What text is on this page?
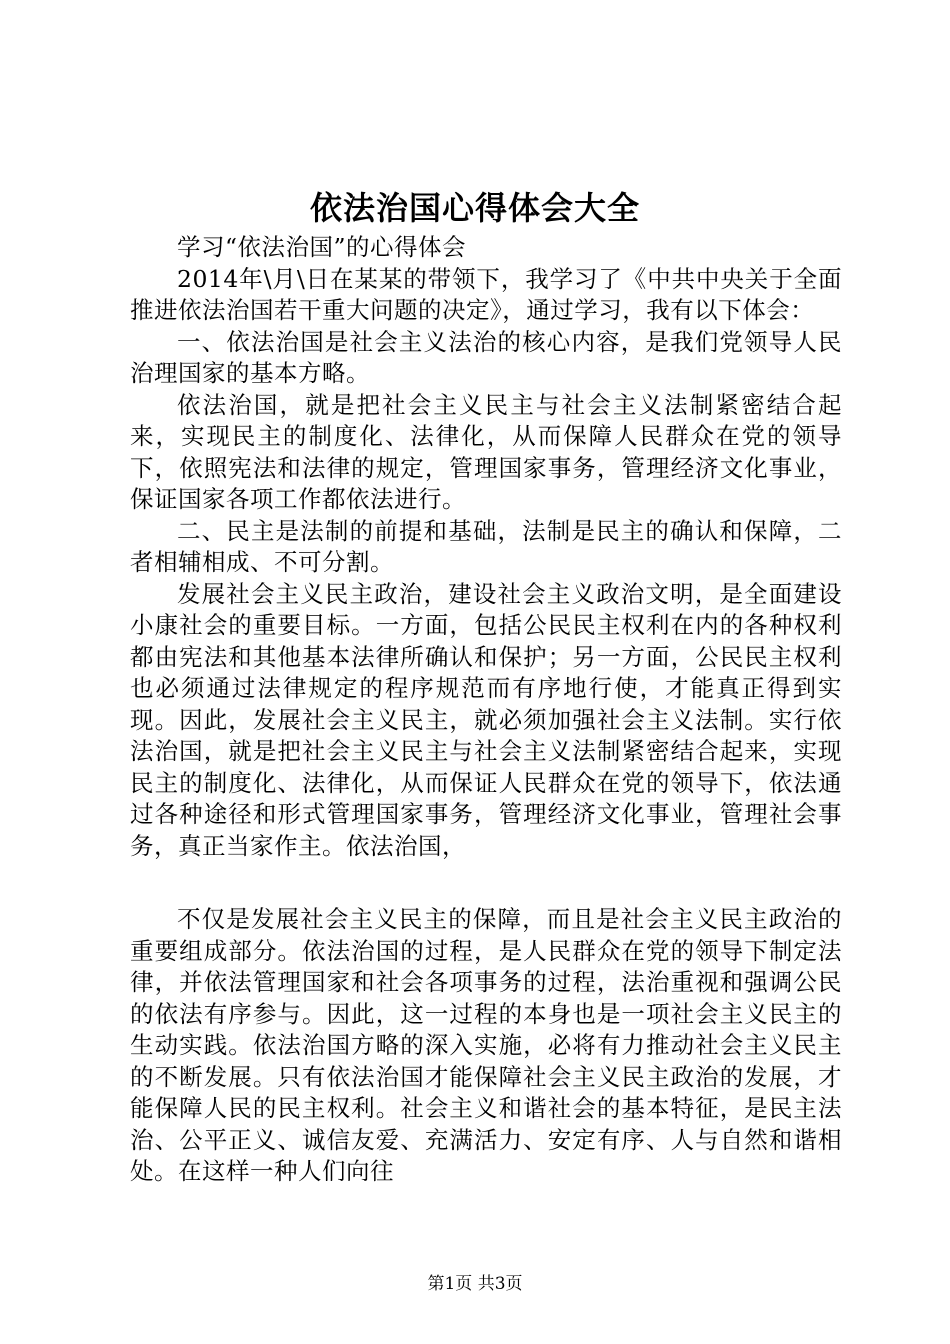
依法治国心得体会大全

学习“依法治国”的心得体会

2014年\月\日在某某的带领下，我学习了《中共中央关于全面推进依法治国若干重大问题的决定》，通过学习，我有以下体会：

一、依法治国是社会主义法治的核心内容，是我们党领导人民治理国家的基本方略。

依法治国，就是把社会主义民主与社会主义法制紧密结合起来，实现民主的制度化、法律化，从而保障人民群众在党的领导下，依照宪法和法律的规定，管理国家事务，管理经济文化事业，保证国家各项工作都依法进行。

二、民主是法制的前提和基础，法制是民主的确认和保障，二者相辅相成、不可分割。

发展社会主义民主政治，建设社会主义政治文明，是全面建设小康社会的重要目标。一方面，包括公民民主权利在内的各种权利都由宪法和其他基本法律所确认和保护；另一方面，公民民主权利也必须通过法律规定的程序规范而有序地行使，才能真正得到实现。因此，发展社会主义民主，就必须加强社会主义法制。实行依法治国，就是把社会主义民主与社会主义法制紧密结合起来，实现民主的制度化、法律化，从而保证人民群众在党的领导下，依法通过各种途径和形式管理国家事务，管理经济文化事业，管理社会事务，真正当家作主。依法治国，

不仅是发展社会主义民主的保障，而且是社会主义民主政治的重要组成部分。依法治国的过程，是人民群众在党的领导下制定法律，并依法管理国家和社会各项事务的过程，法治重视和强调公民的依法有序参与。因此，这一过程的本身也是一项社会主义民主的生动实践。依法治国方略的深入实施，必将有力推动社会主义民主的不断发展。只有依法治国才能保障社会主义民主政治的发展，才能保障人民的民主权利。社会主义和谐社会的基本特征，是民主法治、公平正义、诚信友爱、充满活力、安定有序、人与自然和谐相处。在这样一种人们向往

第1页 共3页
